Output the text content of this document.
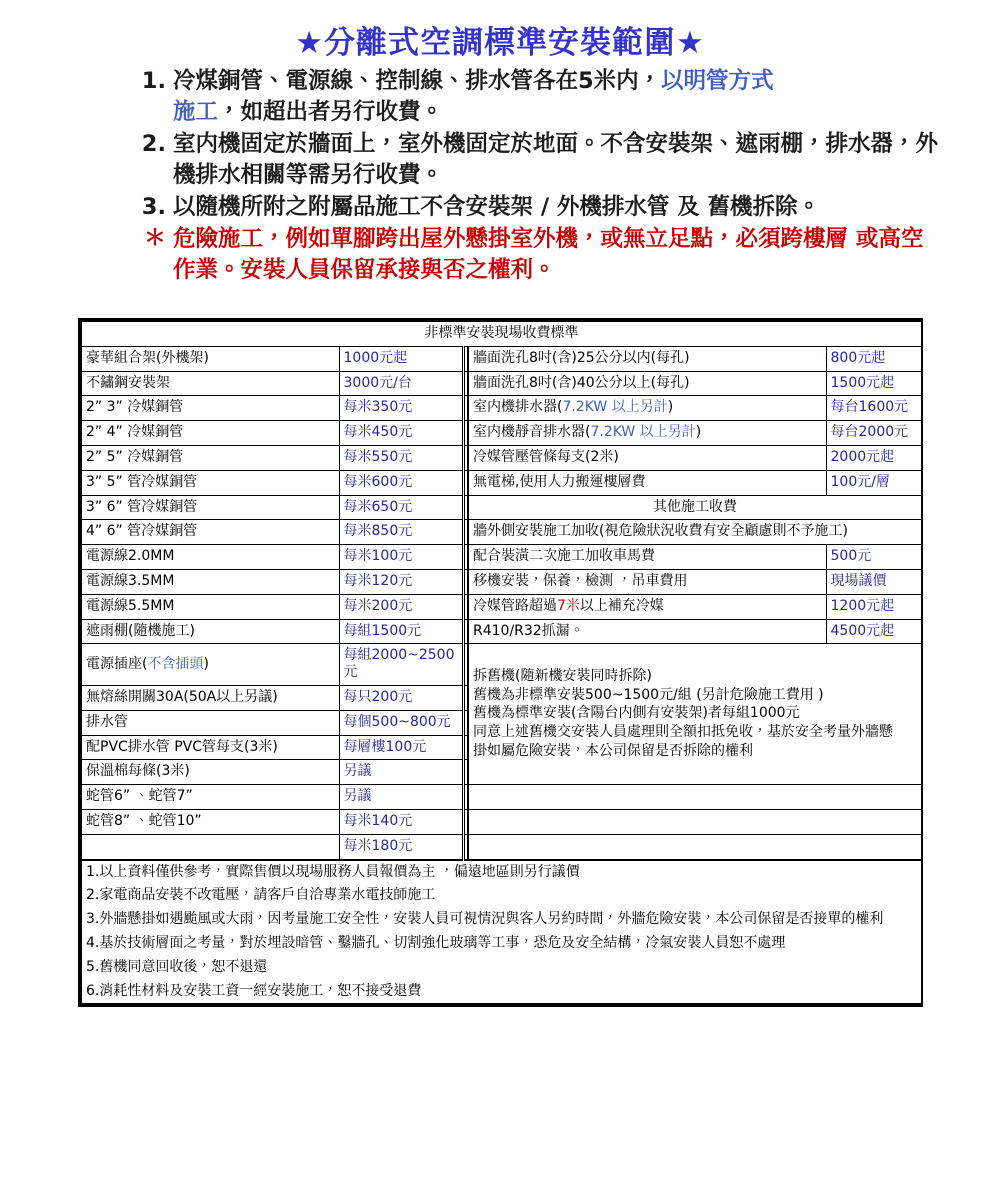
★分離式空調標準安裝範圍★
1. 冷煤銅管、電源線、控制線、排水管各在5米内，以明管方式
施工，如超出者另行收費。
2. 室内機固定於牆面上，室外機固定於地面。不含安裝架、遮雨棚，排水器，外機排水相關等需另行收費。
3. 以隨機所附之附屬品施工不含安裝架 / 外機排水管 及 舊機拆除。
＊ 危險施工，例如單腳跨出屋外懸掛室外機，或無立足點，必須跨樓層 或高空作業。安裝人員保留承接與否之權利。
非標準安裝現場收費標準				
豪華組合架(外機架)	1000元起		牆面洗孔8吋(含)25公分以内(每孔)	800元起
不鏽鋼安裝架	3000元/台		牆面洗孔8吋(含)40公分以上(每孔)	1500元起
2” 3” 冷媒銅管	每米350元		室内機排水器(7.2KW 以上另計)	每台1600元
2” 4” 冷媒銅管	每米450元		室内機靜音排水器(7.2KW 以上另計)	每台2000元
2” 5” 冷媒銅管	每米550元		冷媒管壓管條每支(2米)	2000元起
3” 5” 管冷媒銅管	每米600元		無電梯,使用人力搬運樓層費	100元/層
3” 6” 管冷媒銅管	每米650元		其他施工收費	
4” 6” 管冷媒銅管	每米850元		牆外側安裝施工加收(視危險狀況收費有安全顧慮則不予施工)	
電源線2.0MM	每米100元		配合裝潢二次施工加收車馬費	500元
電源線3.5MM	每米120元		移機安裝，保養，檢測 ，吊車費用	現場議價
電源線5.5MM	每米200元		冷媒管路超過7米以上補充冷媒	1200元起
遮雨棚(隨機施工)	每組1500元		R410/R32抓漏。	4500元起
電源插座(不含插頭)	每組2000~2500元		拆舊機(隨新機安裝同時拆除)
舊機為非標準安裝500~1500元/組 (另計危險施工費用 )
舊機為標準安裝(含陽台内側有安裝架)者每組1000元
同意上述舊機交安裝人員處理則全額扣抵免收，基於安全考量外牆懸
掛如屬危險安裝，本公司保留是否拆除的權利	

無熔絲開關30A(50A以上另議)	每只200元			
排水管	每個500~800元			
配PVC排水管 PVC管每支(3米)	每層樓100元			
保溫棉每條(3米)	另議			
蛇管6” 、蛇管7”	另議			
蛇管8” 、蛇管10”	每米140元			
	每米180元			
1.以上資料僅供參考，實際售價以現場服務人員報價為主 ，偏遠地區則另行議價				
2.家電商品安裝不改電壓，請客戶自洽專業水電技師施工				
3.外牆懸掛如遇颱風或大雨，因考量施工安全性，安裝人員可視情況與客人另約時間，外牆危險安裝，本公司保留是否接單的權利				
4.基於技術層面之考量，對於埋設暗管、鑿牆孔、切割強化玻璃等工事，恐危及安全結構，冷氣安裝人員恕不處理				
5.舊機同意回收後，恕不退還				
6.消耗性材料及安裝工資一經安裝施工，恕不接受退費				
